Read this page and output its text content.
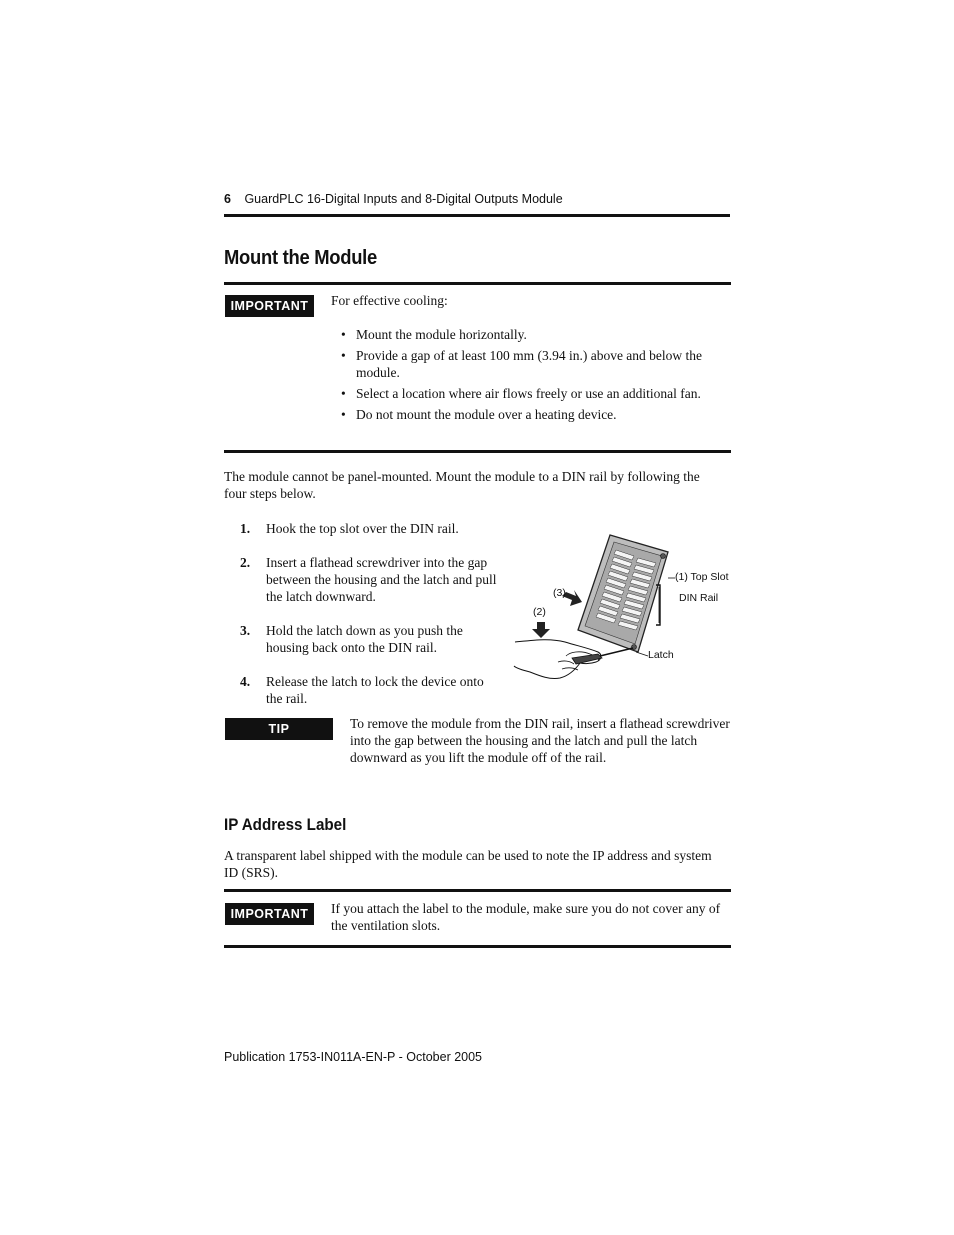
6 GuardPLC 16-Digital Inputs and 8-Digital Outputs Module
Mount the Module
IMPORTANT	For effective cooling:
• Mount the module horizontally.
• Provide a gap of at least 100 mm (3.94 in.) above and below the module.
• Select a location where air flows freely or use an additional fan.
• Do not mount the module over a heating device.
The module cannot be panel-mounted. Mount the module to a DIN rail by following the four steps below.
1.	Hook the top slot over the DIN rail.
2.	Insert a flathead screwdriver into the gap between the housing and the latch and pull the latch downward.
3.	Hold the latch down as you push the housing back onto the DIN rail.
4.	Release the latch to lock the device onto the rail.
(1) Top Slot
DIN Rail
(3)
(2)
Latch
TIP	To remove the module from the DIN rail, insert a flathead screwdriver into the gap between the housing and the latch and pull the latch downward as you lift the module off of the rail.
IP Address Label
A transparent label shipped with the module can be used to note the IP address and system ID (SRS).
IMPORTANT	If you attach the label to the module, make sure you do not cover any of the ventilation slots.
Publication 1753-IN011A-EN-P - October 2005
